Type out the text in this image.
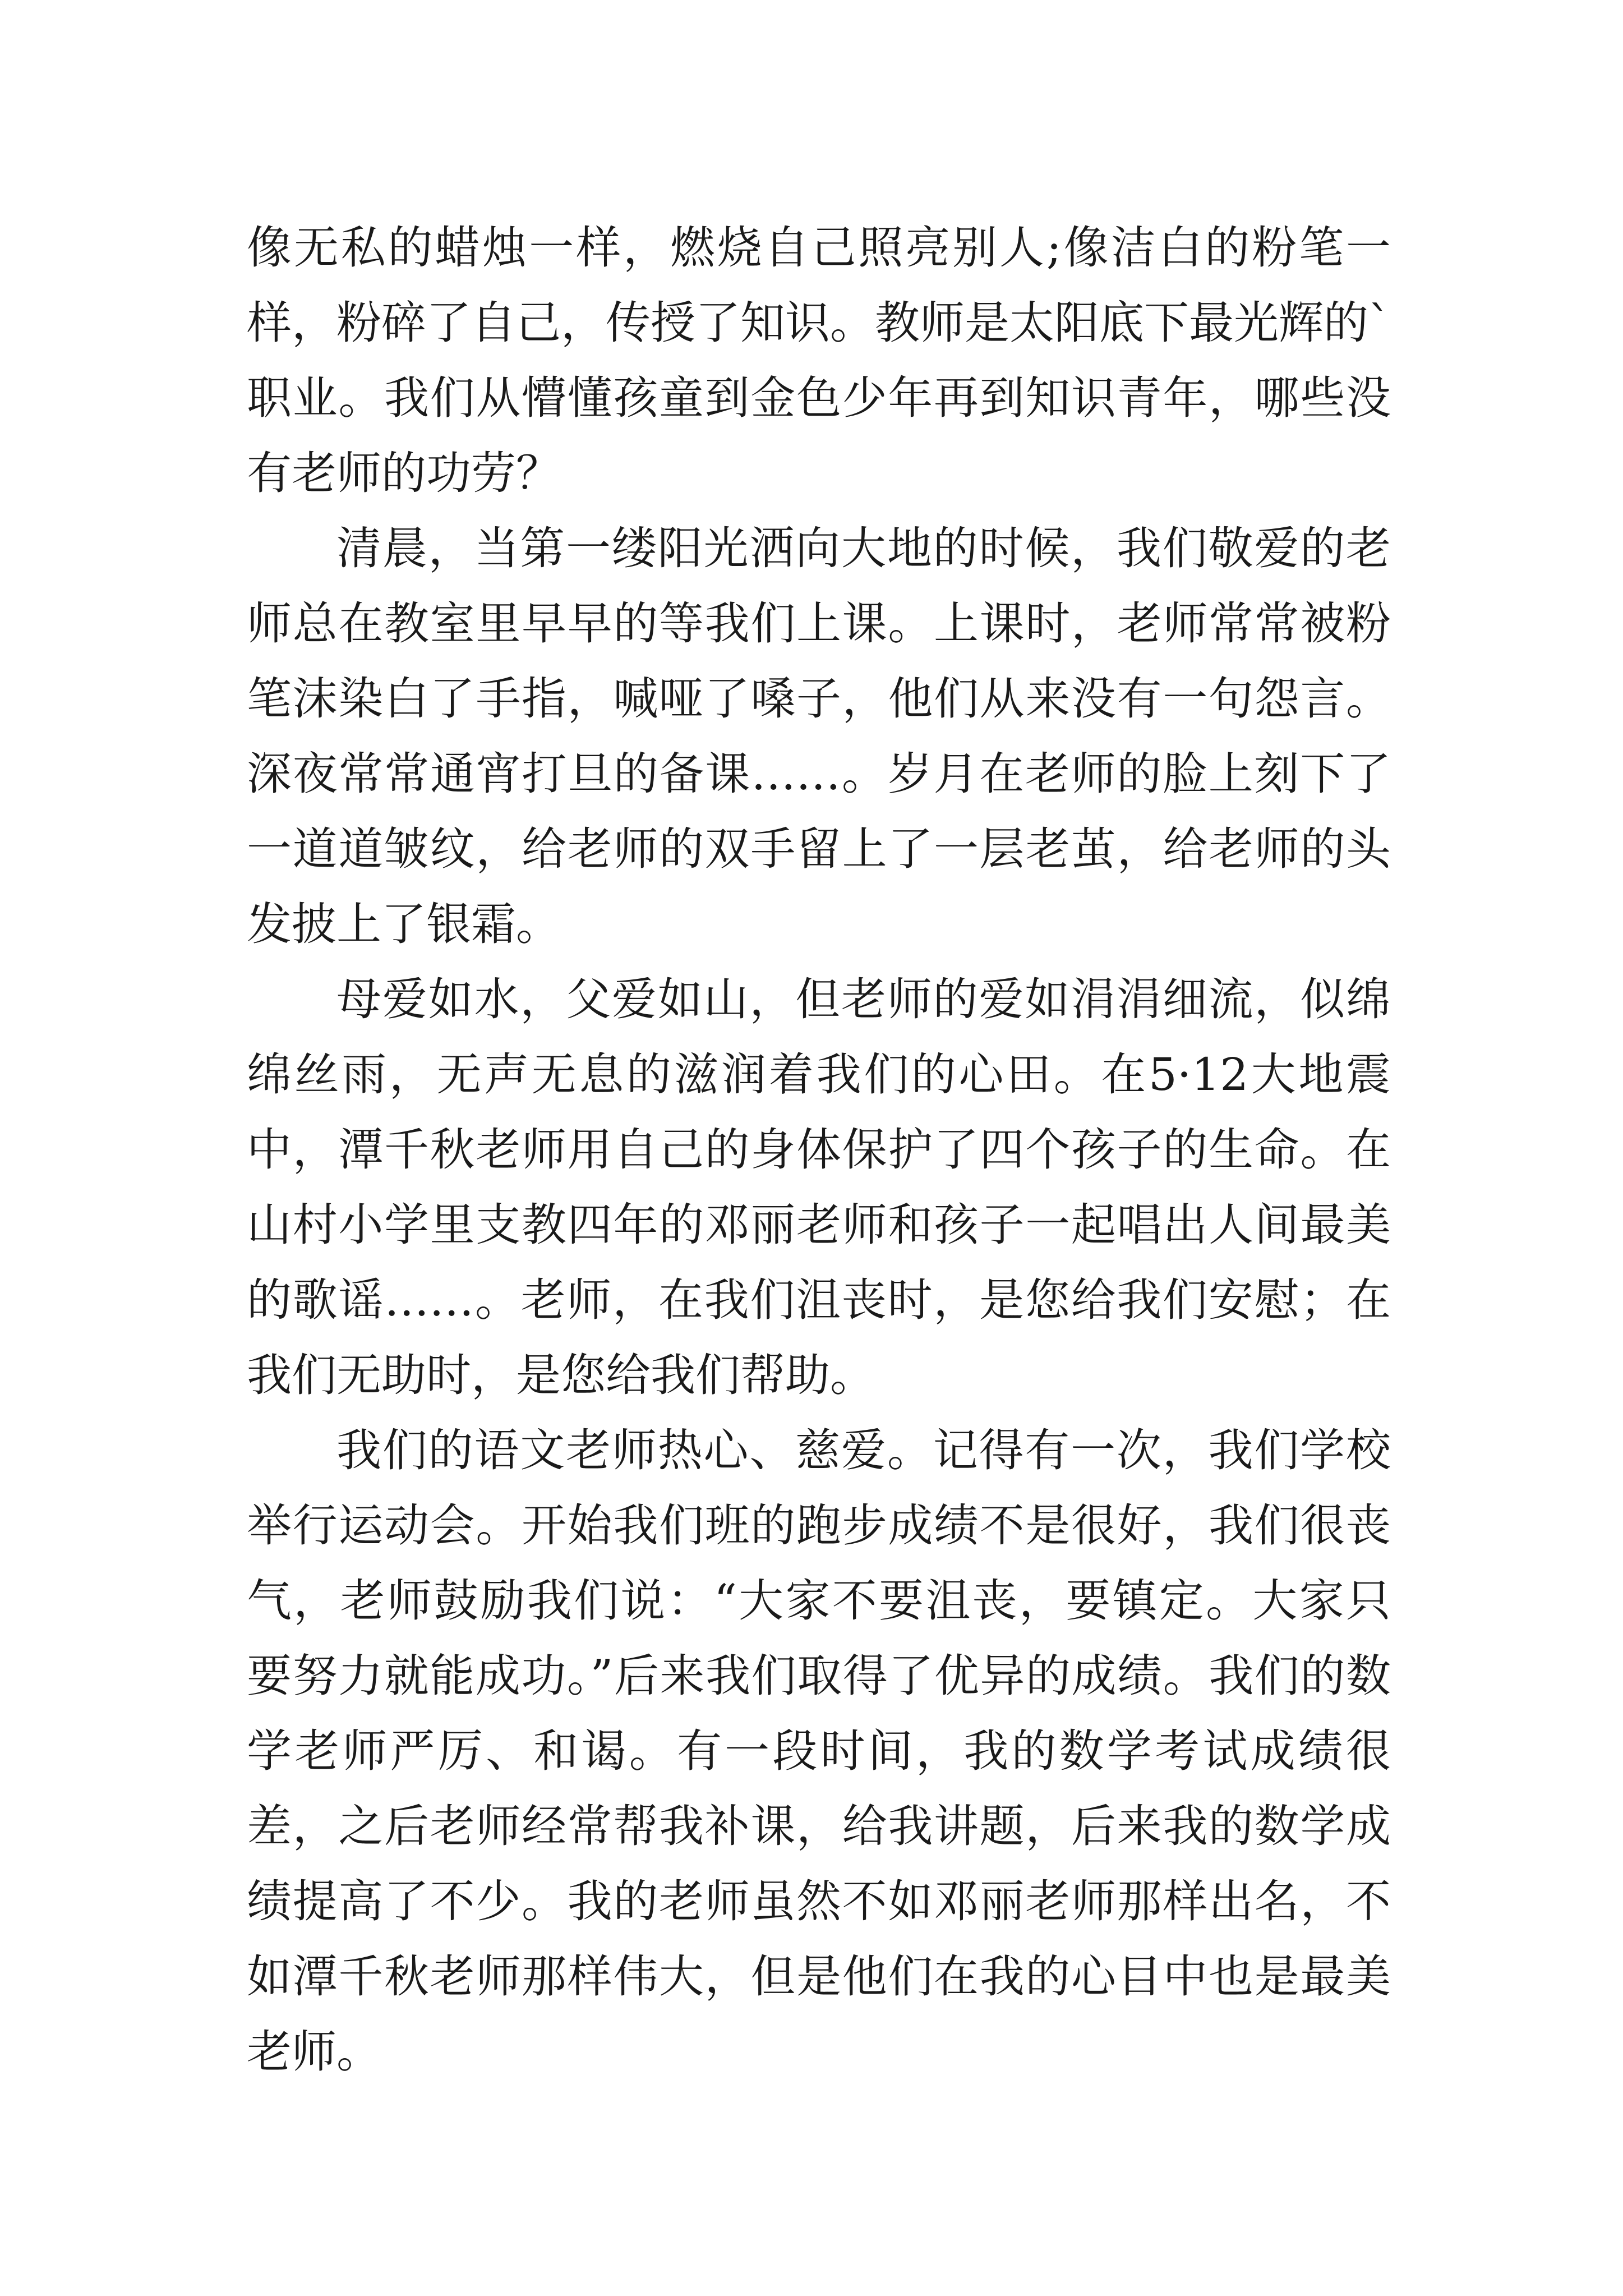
像无私的蜡烛一样，燃烧自己照亮别人;像洁白的粉笔一样，粉碎了自己，传授了知识。教师是太阳底下最光辉的`职业。我们从懵懂孩童到金色少年再到知识青年，哪些没有老师的功劳？

清晨，当第一缕阳光洒向大地的时候，我们敬爱的老师总在教室里早早的等我们上课。上课时，老师常常被粉笔沫染白了手指，喊哑了嗓子，他们从来没有一句怨言。深夜常常通宵打旦的备课……。岁月在老师的脸上刻下了一道道皱纹，给老师的双手留上了一层老茧，给老师的头发披上了银霜。

母爱如水，父爱如山，但老师的爱如涓涓细流，似绵绵丝雨，无声无息的滋润着我们的心田。在5·12大地震中，潭千秋老师用自己的身体保护了四个孩子的生命。在山村小学里支教四年的邓丽老师和孩子一起唱出人间最美的歌谣……。老师，在我们沮丧时，是您给我们安慰；在我们无助时，是您给我们帮助。

我们的语文老师热心、慈爱。记得有一次，我们学校举行运动会。开始我们班的跑步成绩不是很好，我们很丧气，老师鼓励我们说：“大家不要沮丧，要镇定。大家只要努力就能成功。”后来我们取得了优异的成绩。我们的数学老师严厉、和谒。有一段时间，我的数学考试成绩很差，之后老师经常帮我补课，给我讲题，后来我的数学成绩提高了不少。我的老师虽然不如邓丽老师那样出名，不如潭千秋老师那样伟大，但是他们在我的心目中也是最美老师。
